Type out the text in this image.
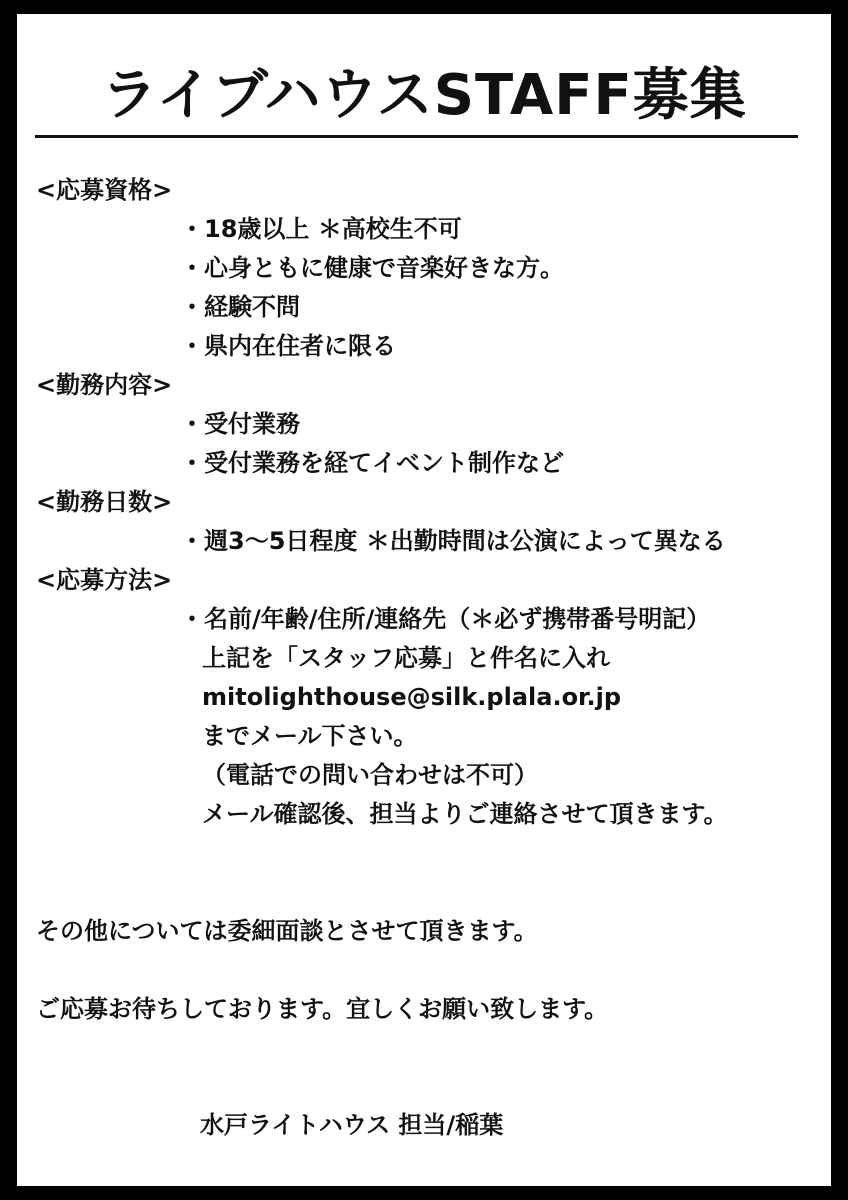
ライブハウスSTAFF募集
<応募資格>
・18歳以上 ＊高校生不可
・心身ともに健康で音楽好きな方。
・経験不問
・県内在住者に限る
<勤務内容>
・受付業務
・受付業務を経てイベント制作など
<勤務日数>
・週3〜5日程度 ＊出勤時間は公演によって異なる
<応募方法>
・名前/年齢/住所/連絡先（＊必ず携帯番号明記）
上記を「スタッフ応募」と件名に入れ
mitolighthouse@silk.plala.or.jp
までメール下さい。
（電話での問い合わせは不可）
メール確認後、担当よりご連絡させて頂きます。
その他については委細面談とさせて頂きます。
ご応募お待ちしております。宜しくお願い致します。
水戸ライトハウス 担当/稲葉
